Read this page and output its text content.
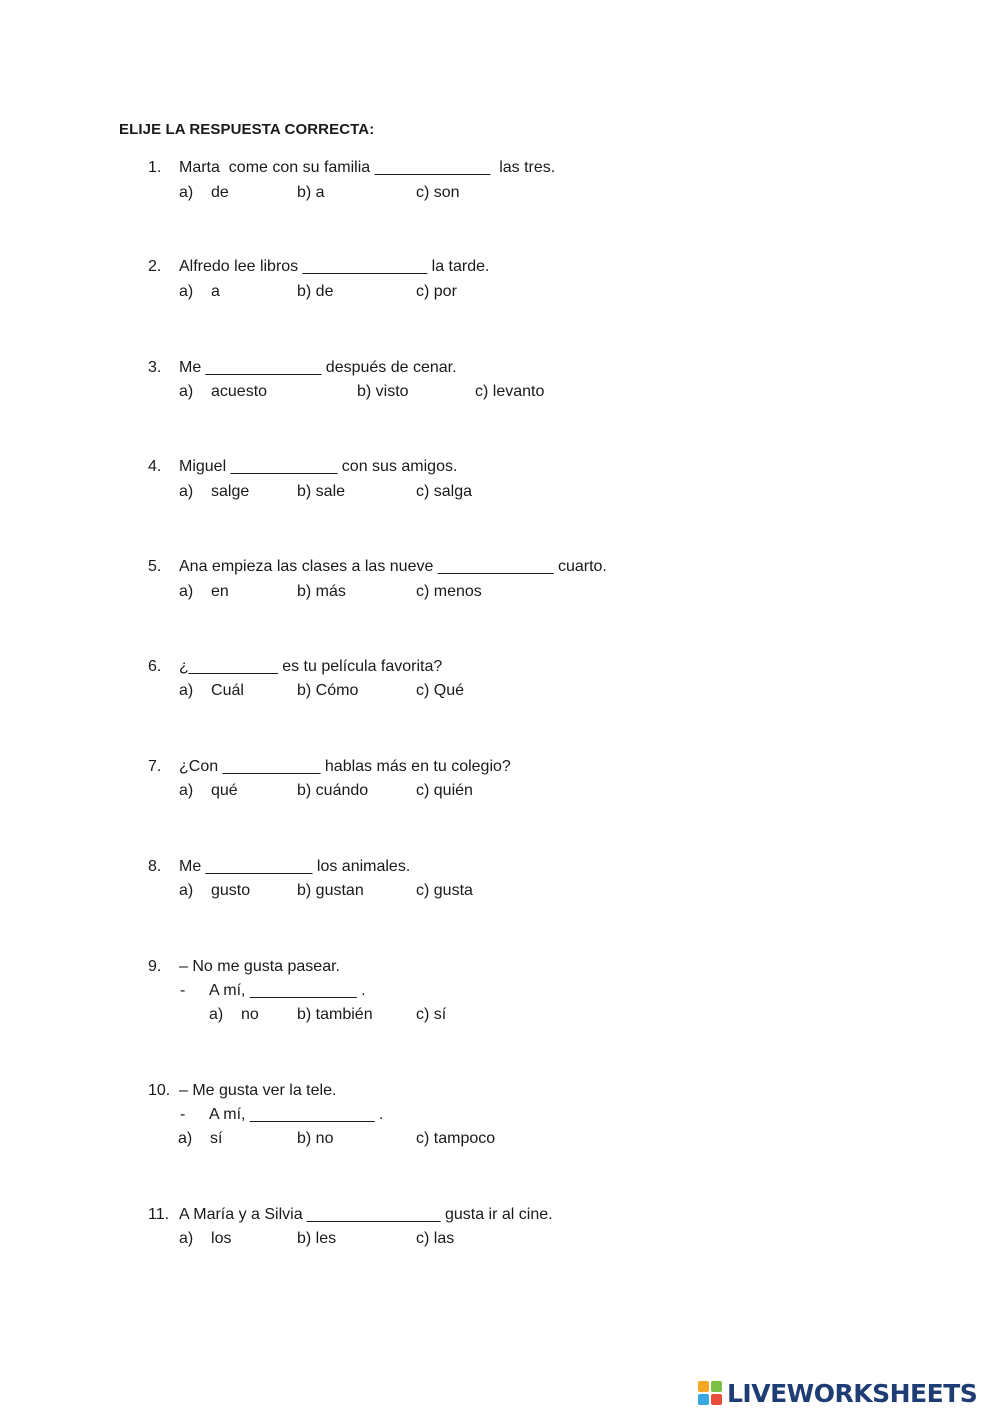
ELIJE LA RESPUESTA CORRECTA:
1. Marta  come con su familia _____________  las tres.
a)    de	b) a	c) son
2. Alfredo lee libros ______________ la tarde.
a)    a	b) de	c) por
3. Me _____________ después de cenar.
a)    acuesto	b) visto	c) levanto
4. Miguel ____________ con sus amigos.
a)    salge	b) sale	c) salga
5. Ana empieza las clases a las nueve _____________ cuarto.
a)    en	b) más	c) menos
6. ¿__________ es tu película favorita?
a)    Cuál	b) Cómo	c) Qué
7. ¿Con ___________ hablas más en tu colegio?
a)    qué	b) cuándo	c) quién
8. Me ____________ los animales.
a)    gusto	b) gustan	c) gusta
9. – No me gusta pasear.
- A mí, ____________ .
a)    no b) también	c) sí
10. – Me gusta ver la tele.
- A mí, ______________ .
a)    sí	b) no	c) tampoco
11. A María y a Silvia _______________ gusta ir al cine.
a)    los	b) les	c) las
LIVEWORKSHEETS
